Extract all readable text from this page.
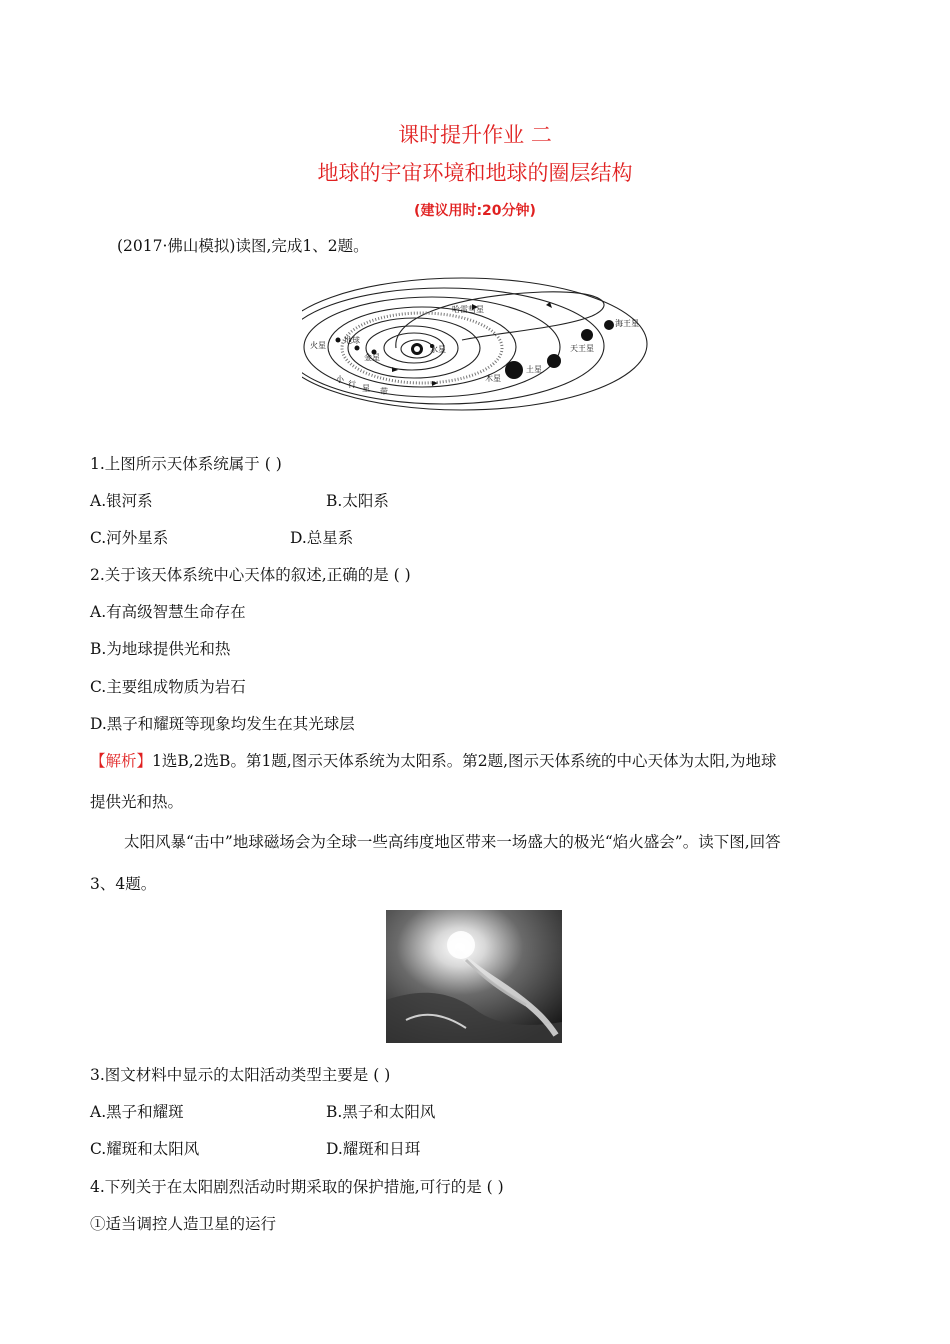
课时提升作业 二
地球的宇宙环境和地球的圈层结构
(建议用时:20分钟)
(2017·佛山模拟)读图,完成1、2题。
哈雷彗星
火星
地球
金星
水星
木星
土星
天王星
海王星
小
行 星 带
1.上图所示天体系统属于 ( )
A.银河系	B.太阳系
C.河外星系	D.总星系
2.关于该天体系统中心天体的叙述,正确的是 ( )
A.有高级智慧生命存在
B.为地球提供光和热
C.主要组成物质为岩石
D.黑子和耀斑等现象均发生在其光球层
【解析】1选B,2选B。第1题,图示天体系统为太阳系。第2题,图示天体系统的中心天体为太阳,为地球
提供光和热。
太阳风暴“击中”地球磁场会为全球一些高纬度地区带来一场盛大的极光“焰火盛会”。读下图,回答
3、4题。
3.图文材料中显示的太阳活动类型主要是 ( )
A.黑子和耀斑	B.黑子和太阳风
C.耀斑和太阳风	D.耀斑和日珥
4.下列关于在太阳剧烈活动时期采取的保护措施,可行的是 ( )
①适当调控人造卫星的运行
